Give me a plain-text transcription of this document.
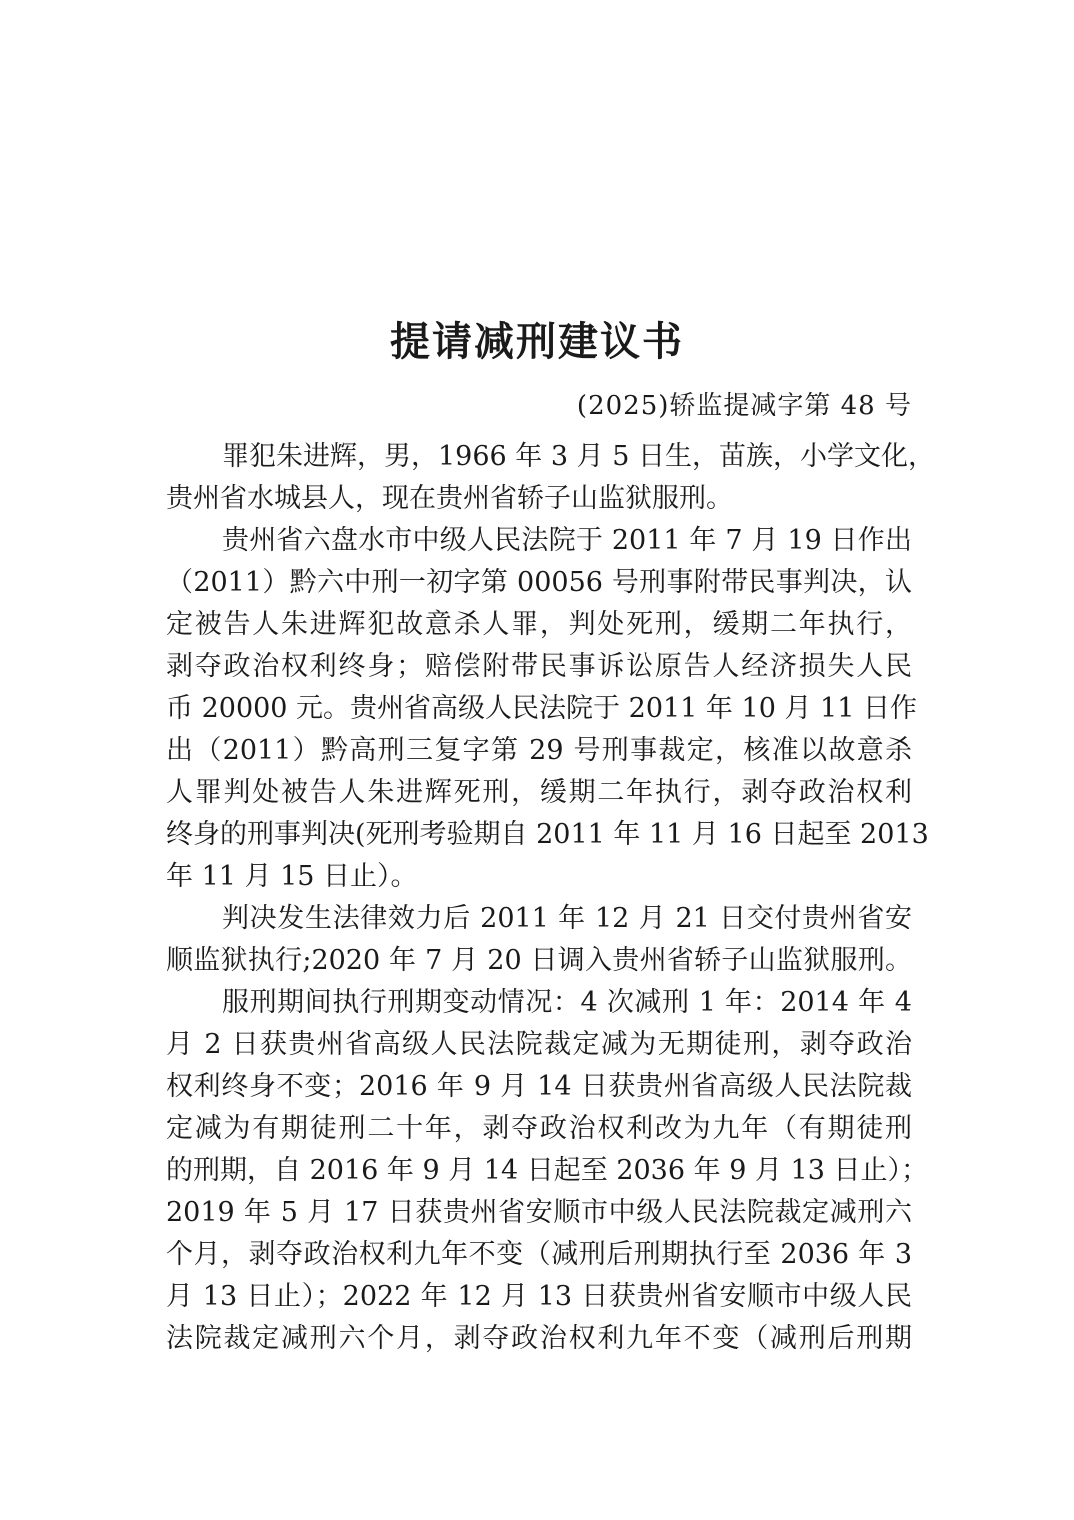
提请减刑建议书
(2025)轿监提减字第 48 号
罪犯朱进辉，男，1966 年 3 月 5 日生，苗族，小学文化，
贵州省水城县人，现在贵州省轿子山监狱服刑。
贵州省六盘水市中级人民法院于 2011 年 7 月 19 日作出
（2011）黔六中刑一初字第 00056 号刑事附带民事判决，认
定被告人朱进辉犯故意杀人罪，判处死刑，缓期二年执行，
剥夺政治权利终身；赔偿附带民事诉讼原告人经济损失人民
币 20000 元。贵州省高级人民法院于 2011 年 10 月 11 日作
出（2011）黔高刑三复字第 29 号刑事裁定，核准以故意杀
人罪判处被告人朱进辉死刑，缓期二年执行，剥夺政治权利
终身的刑事判决(死刑考验期自 2011 年 11 月 16 日起至 2013
年 11 月 15 日止）。
判决发生法律效力后 2011 年 12 月 21 日交付贵州省安
顺监狱执行;2020 年 7 月 20 日调入贵州省轿子山监狱服刑。
服刑期间执行刑期变动情况：4 次减刑 1 年：2014 年 4
月 2 日获贵州省高级人民法院裁定减为无期徒刑，剥夺政治
权利终身不变；2016 年 9 月 14 日获贵州省高级人民法院裁
定减为有期徒刑二十年，剥夺政治权利改为九年（有期徒刑
的刑期，自 2016 年 9 月 14 日起至 2036 年 9 月 13 日止）；
2019 年 5 月 17 日获贵州省安顺市中级人民法院裁定减刑六
个月，剥夺政治权利九年不变（减刑后刑期执行至 2036 年 3
月 13 日止）；2022 年 12 月 13 日获贵州省安顺市中级人民
法院裁定减刑六个月，剥夺政治权利九年不变（减刑后刑期
